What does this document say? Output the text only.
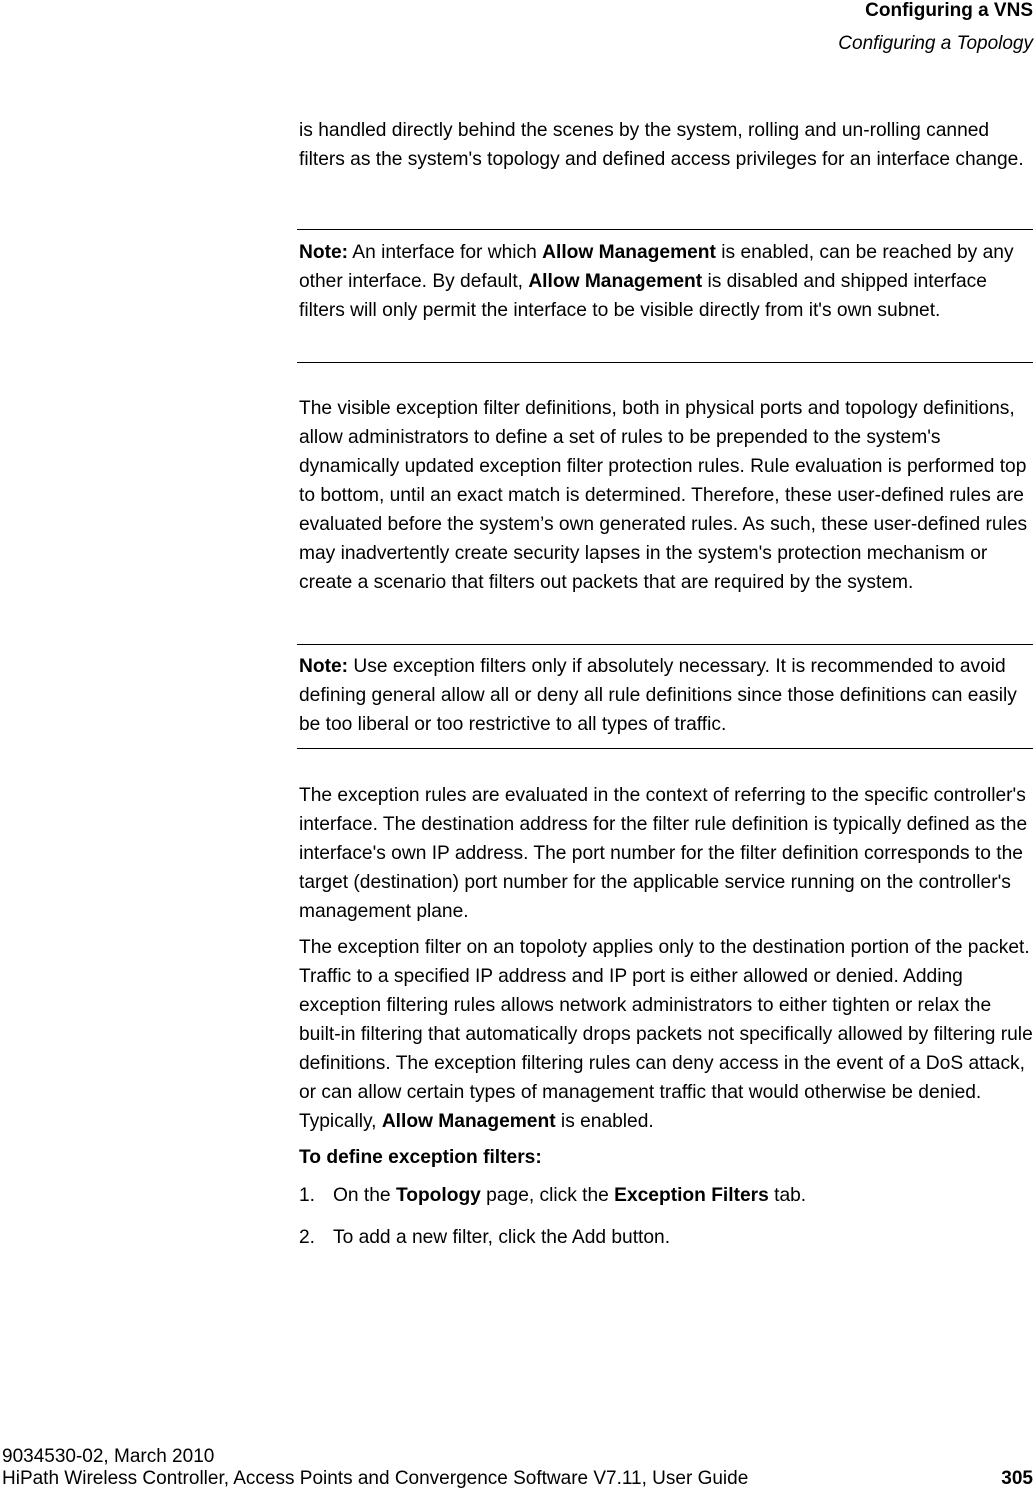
Configuring a VNS
Configuring a Topology

is handled directly behind the scenes by the system, rolling and un-rolling canned filters as the system's topology and defined access privileges for an interface change.

Note: An interface for which Allow Management is enabled, can be reached by any other interface. By default, Allow Management is disabled and shipped interface filters will only permit the interface to be visible directly from it's own subnet.

The visible exception filter definitions, both in physical ports and topology definitions, allow administrators to define a set of rules to be prepended to the system's dynamically updated exception filter protection rules. Rule evaluation is performed top to bottom, until an exact match is determined. Therefore, these user-defined rules are evaluated before the system’s own generated rules. As such, these user-defined rules may inadvertently create security lapses in the system's protection mechanism or create a scenario that filters out packets that are required by the system.

Note: Use exception filters only if absolutely necessary. It is recommended to avoid defining general allow all or deny all rule definitions since those definitions can easily be too liberal or too restrictive to all types of traffic.

The exception rules are evaluated in the context of referring to the specific controller's interface. The destination address for the filter rule definition is typically defined as the interface's own IP address. The port number for the filter definition corresponds to the target (destination) port number for the applicable service running on the controller's management plane.

The exception filter on an topoloty applies only to the destination portion of the packet. Traffic to a specified IP address and IP port is either allowed or denied. Adding exception filtering rules allows network administrators to either tighten or relax the built-in filtering that automatically drops packets not specifically allowed by filtering rule definitions. The exception filtering rules can deny access in the event of a DoS attack, or can allow certain types of management traffic that would otherwise be denied. Typically, Allow Management is enabled.

To define exception filters:

1. On the Topology page, click the Exception Filters tab.

2. To add a new filter, click the Add button.

9034530-02, March 2010
HiPath Wireless Controller, Access Points and Convergence Software V7.11, User Guide	305
